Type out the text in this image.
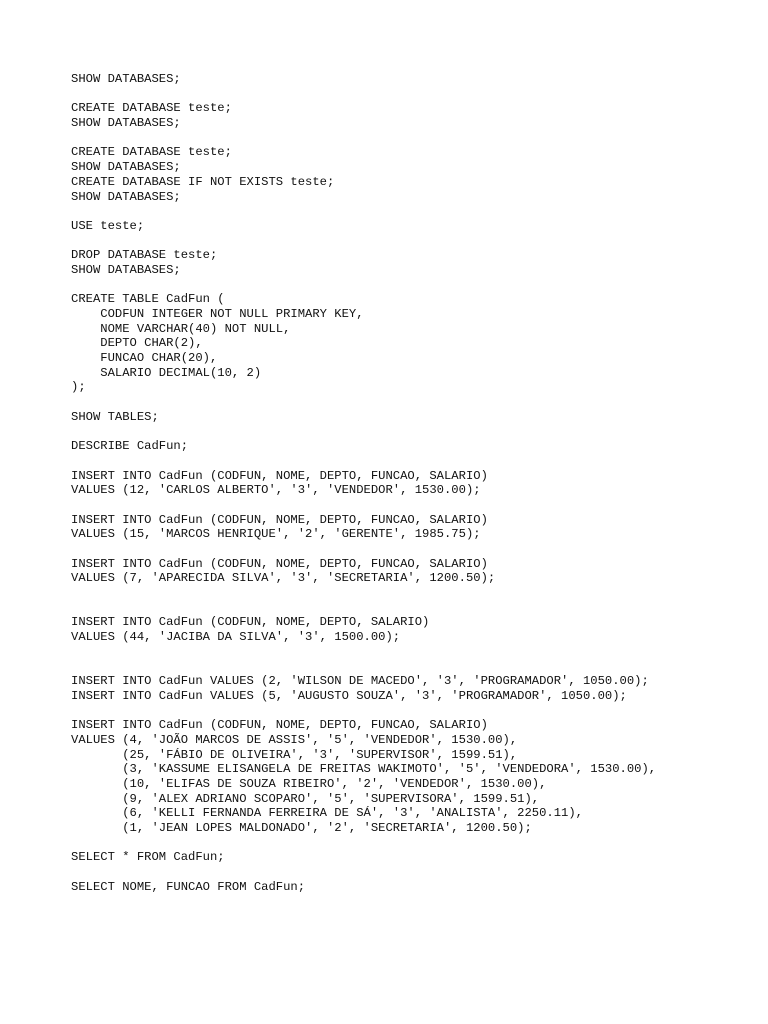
SHOW DATABASES;
CREATE DATABASE teste;
SHOW DATABASES;
CREATE DATABASE teste;
SHOW DATABASES;
CREATE DATABASE IF NOT EXISTS teste;
SHOW DATABASES;
USE teste;
DROP DATABASE teste;
SHOW DATABASES;
CREATE TABLE CadFun (
CODFUN INTEGER NOT NULL PRIMARY KEY,
NOME VARCHAR(40) NOT NULL,
DEPTO CHAR(2),
FUNCAO CHAR(20),
SALARIO DECIMAL(10, 2)
);
SHOW TABLES;
DESCRIBE CadFun;
INSERT INTO CadFun (CODFUN, NOME, DEPTO, FUNCAO, SALARIO)
VALUES (12, 'CARLOS ALBERTO', '3', 'VENDEDOR', 1530.00);
INSERT INTO CadFun (CODFUN, NOME, DEPTO, FUNCAO, SALARIO)
VALUES (15, 'MARCOS HENRIQUE', '2', 'GERENTE', 1985.75);
INSERT INTO CadFun (CODFUN, NOME, DEPTO, FUNCAO, SALARIO)
VALUES (7, 'APARECIDA SILVA', '3', 'SECRETARIA', 1200.50);
INSERT INTO CadFun (CODFUN, NOME, DEPTO, SALARIO)
VALUES (44, 'JACIBA DA SILVA', '3', 1500.00);
INSERT INTO CadFun VALUES (2, 'WILSON DE MACEDO', '3', 'PROGRAMADOR', 1050.00);
INSERT INTO CadFun VALUES (5, 'AUGUSTO SOUZA', '3', 'PROGRAMADOR', 1050.00);
INSERT INTO CadFun (CODFUN, NOME, DEPTO, FUNCAO, SALARIO)
VALUES (4, 'JOÃO MARCOS DE ASSIS', '5', 'VENDEDOR', 1530.00),
(25, 'FÁBIO DE OLIVEIRA', '3', 'SUPERVISOR', 1599.51),
(3, 'KASSUME ELISANGELA DE FREITAS WAKIMOTO', '5', 'VENDEDORA', 1530.00),
(10, 'ELIFAS DE SOUZA RIBEIRO', '2', 'VENDEDOR', 1530.00),
(9, 'ALEX ADRIANO SCOPARO', '5', 'SUPERVISORA', 1599.51),
(6, 'KELLI FERNANDA FERREIRA DE SÁ', '3', 'ANALISTA', 2250.11),
(1, 'JEAN LOPES MALDONADO', '2', 'SECRETARIA', 1200.50);
SELECT * FROM CadFun;
SELECT NOME, FUNCAO FROM CadFun;
